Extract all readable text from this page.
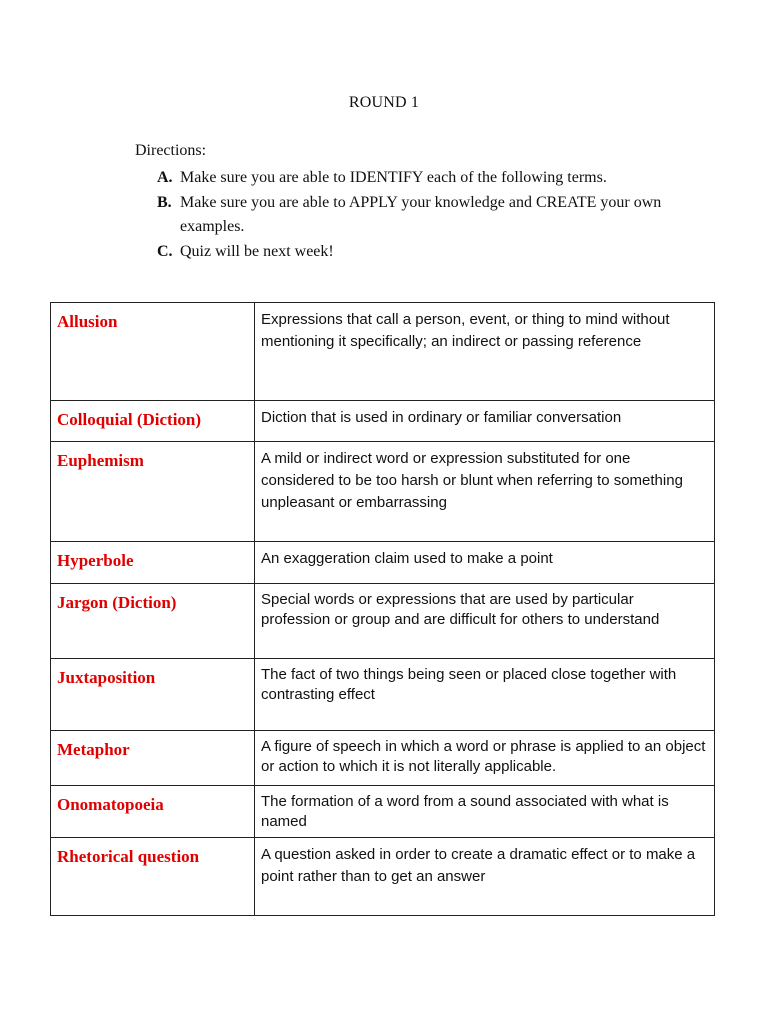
ROUND 1
Directions:
A. Make sure you are able to IDENTIFY each of the following terms.
B. Make sure you are able to APPLY your knowledge and CREATE your own examples.
C. Quiz will be next week!
Allusion	Expressions that call a person, event, or thing to mind without mentioning it specifically; an indirect or passing reference
Colloquial (Diction)	Diction that is used in ordinary or familiar conversation
Euphemism	A mild or indirect word or expression substituted for one considered to be too harsh or blunt when referring to something unpleasant or embarrassing
Hyperbole	An exaggeration claim used to make a point
Jargon (Diction)	Special words or expressions that are used by particular profession or group and are difficult for others to understand
Juxtaposition	The fact of two things being seen or placed close together with contrasting effect
Metaphor	A figure of speech in which a word or phrase is applied to an object or action to which it is not literally applicable.
Onomatopoeia	The formation of a word from a sound associated with what is named
Rhetorical question	A question asked in order to create a dramatic effect or to make a point rather than to get an answer
